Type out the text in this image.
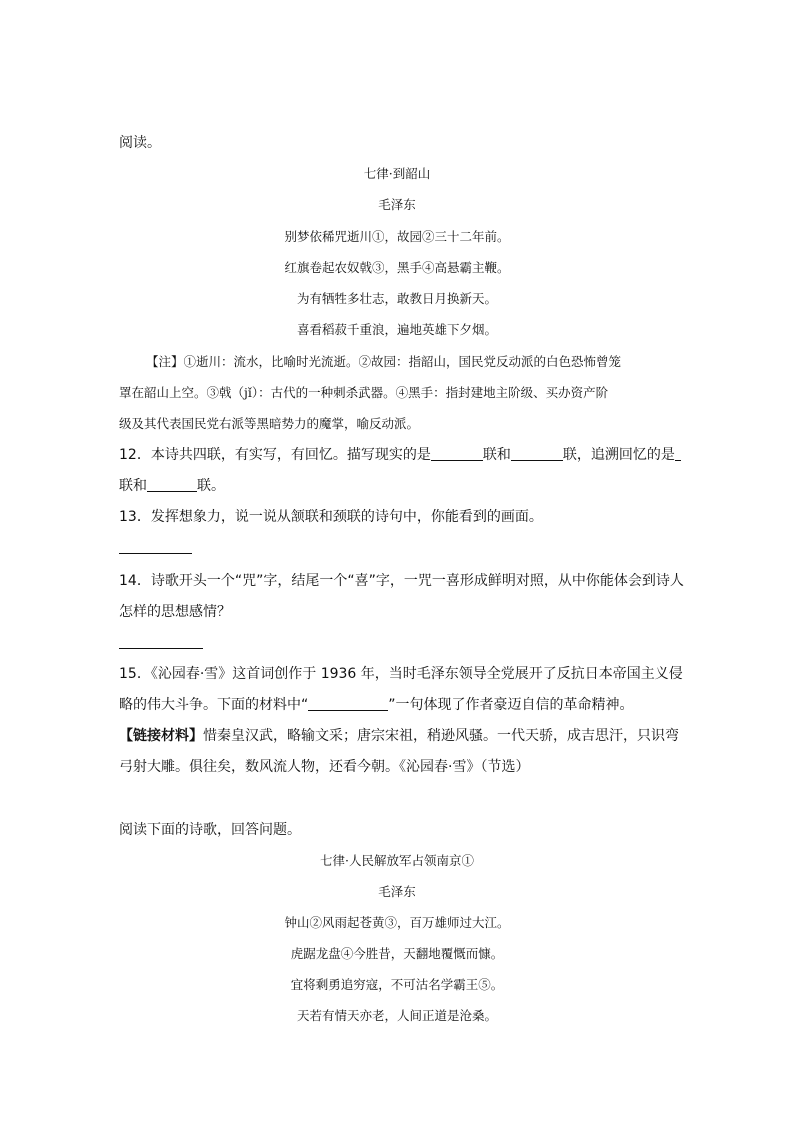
阅读。
七律·到韶山
毛泽东
别梦依稀咒逝川①，故园②三十二年前。
红旗卷起农奴戟③，黑手④高悬霸主鞭。
为有牺牲多壮志，敢教日月换新天。
喜看稻菽千重浪，遍地英雄下夕烟。
【注】①逝川：流水，比喻时光流逝。②故园：指韶山，国民党反动派的白色恐怖曾笼
罩在韶山上空。③戟（jǐ）：古代的一种刺杀武器。④黑手：指封建地主阶级、买办资产阶
级及其代表国民党右派等黑暗势力的魔掌，喻反动派。
12．本诗共四联，有实写，有回忆。描写现实的是	联和	联，追溯回忆的是
联和	联。
13．发挥想象力，说一说从颔联和颈联的诗句中，你能看到的画面。
14．诗歌开头一个“咒”字，结尾一个“喜”字，一咒一喜形成鲜明对照，从中你能体会到诗人
怎样的思想感情？
15．《沁园春·雪》这首词创作于 1936 年，当时毛泽东领导全党展开了反抗日本帝国主义侵
略的伟大斗争。下面的材料中“	”一句体现了作者豪迈自信的革命精神。
【链接材料】惜秦皇汉武，略输文采；唐宗宋祖，稍逊风骚。一代天骄，成吉思汗，只识弯
弓射大雕。俱往矣，数风流人物，还看今朝。《沁园春·雪》（节选）
阅读下面的诗歌，回答问题。
七律·人民解放军占领南京①
毛泽东
钟山②风雨起苍黄③，百万雄师过大江。
虎踞龙盘④今胜昔，天翻地覆慨而慷。
宜将剩勇追穷寇，不可沽名学霸王⑤。
天若有情天亦老，人间正道是沧桑。
